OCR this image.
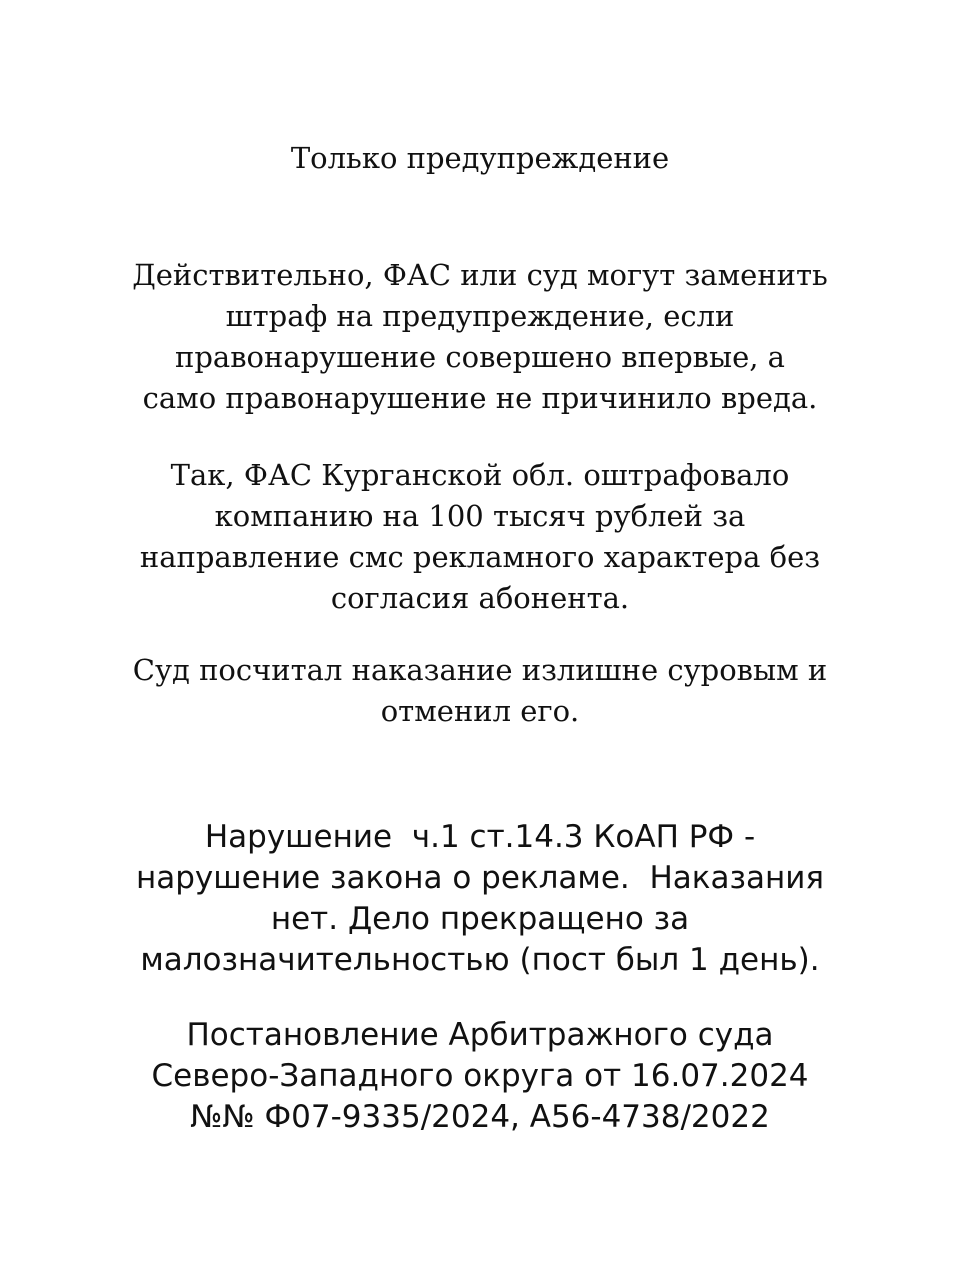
Только предупреждение
Действительно, ФАС или суд могут заменить
штраф на предупреждение, если
правонарушение совершено впервые, а
само правонарушение не причинило вреда.
Так, ФАС Курганской обл. оштрафовало
компанию на 100 тысяч рублей за
направление смс рекламного характера без
согласия абонента.
Суд посчитал наказание излишне суровым и
отменил его.
Нарушение  ч.1 ст.14.3 КоАП РФ -
нарушение закона о рекламе.  Наказания
нет. Дело прекращено за
малозначительностью (пост был 1 день).
Постановление Арбитражного суда
Северо-Западного округа от 16.07.2024
№№ Ф07-9335/2024, А56-4738/2022
